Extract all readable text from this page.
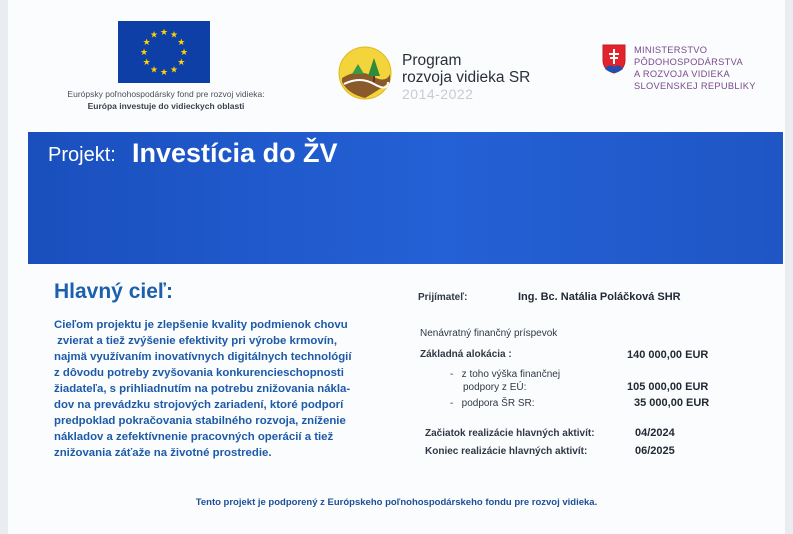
★ ★
★
★
★
★
★
★
★
★
★
★
Európsky poľnohospodársky fond pre rozvoj vidieka:
Európa investuje do vidieckych oblasti
Program
rozvoja vidieka SR
2014-2022
MINISTERSTVO
PÔDOHOSPODÁRSTVA
A ROZVOJA VIDIEKA
SLOVENSKEJ REPUBLIKY
Projekt: Investícia do ŽV
Hlavný cieľ:
Cieľom projektu je zlepšenie kvality podmienok chovu
zvierat a tiež zvýšenie efektivity pri výrobe krmovín,
najmä využívaním inovatívnych digitálnych technológií
z dôvodu potreby zvyšovania konkurencieschopnosti
žiadateľa, s prihliadnutím na potrebu znižovania nákla-
dov na prevádzku strojových zariadení, ktoré podporí
predpoklad pokračovania stabilného rozvoja, zníženie
nákladov a zefektívnenie pracovných operácií a tiež
znižovania záťaže na životné prostredie.
Prijímateľ:	Ing. Bc. Natália Poláčková SHR
Nenávratný finančný príspevok
Základná alokácia :	140 000,00 EUR
-   z toho výška finančnej
podpory z EÚ:	105 000,00 EUR
-   podpora ŠR SR:	35 000,00 EUR
Začiatok realizácie hlavných aktivít:	04/2024
Koniec realizácie hlavných aktivít:	06/2025
Tento projekt je podporený z Európskeho poľnohospodárskeho fondu pre rozvoj vidieka.
